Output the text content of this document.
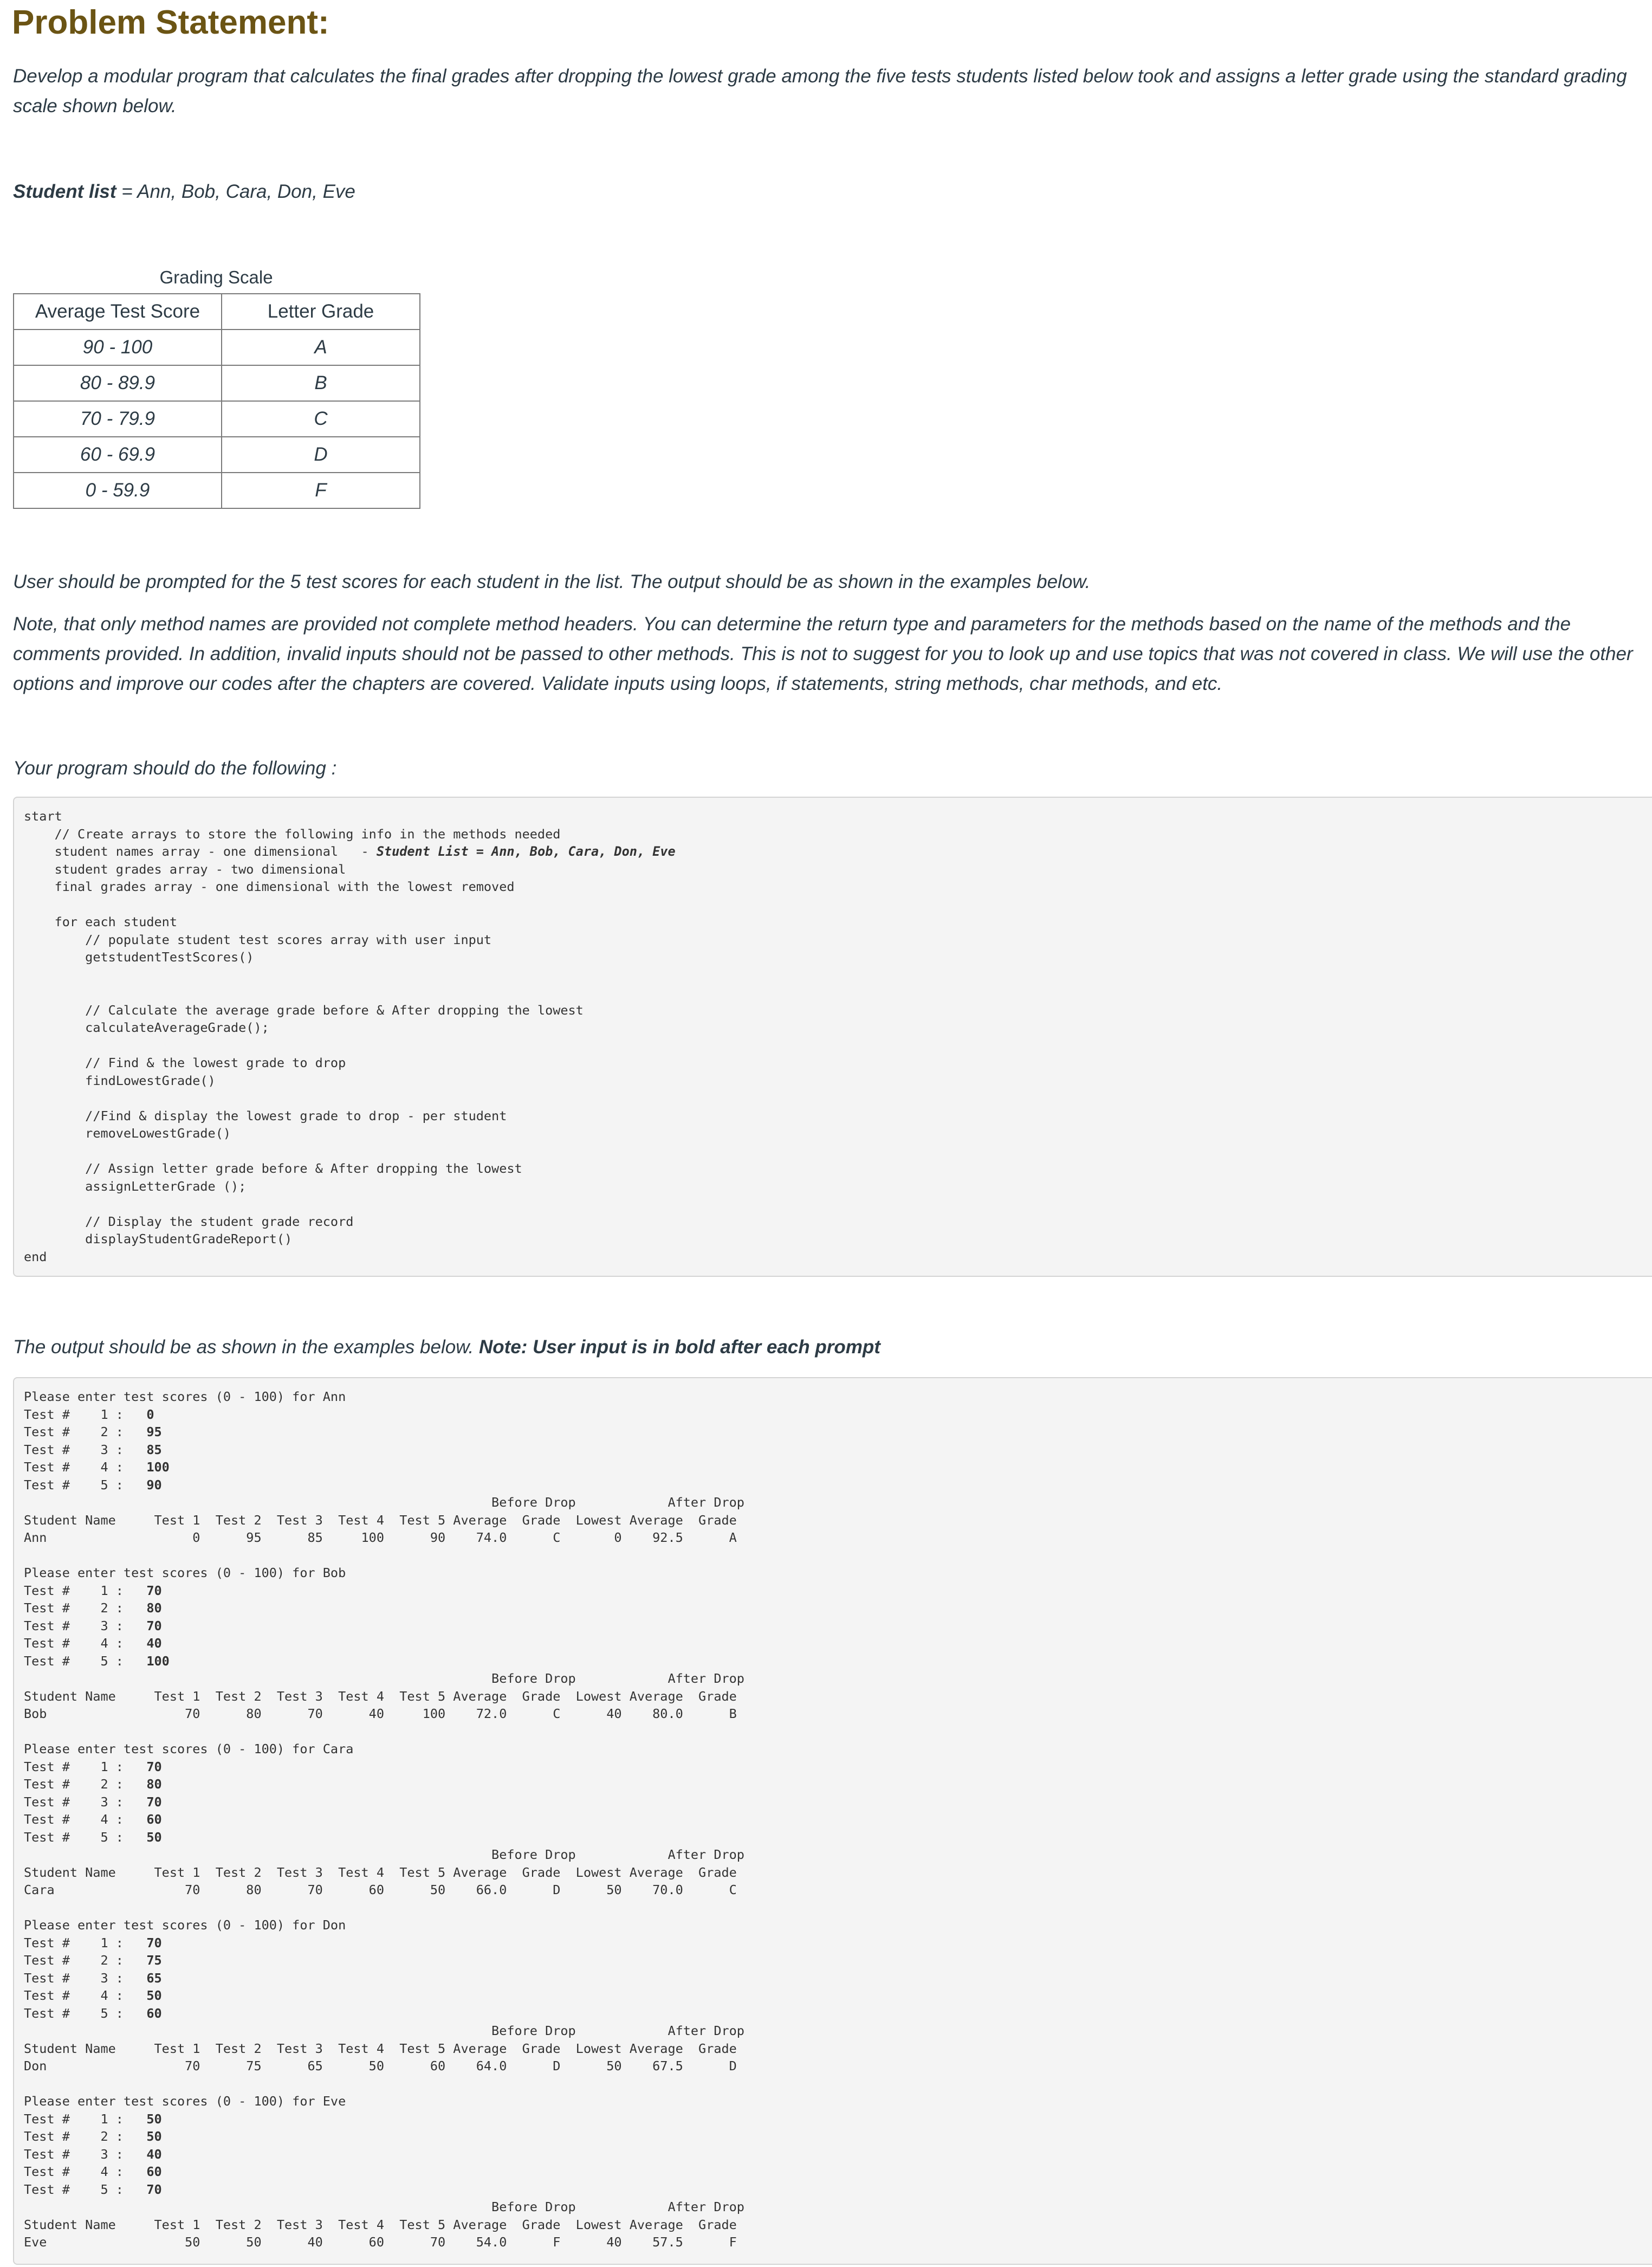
Problem Statement:

Develop a modular program that calculates the final grades after dropping the lowest grade among the five tests students listed below took and assigns a letter grade using the standard grading scale shown below.

Student list = Ann, Bob, Cara, Don, Eve

Grading Scale
Average Test Score	Letter Grade
90 - 100	A
80 - 89.9	B
70 - 79.9	C
60 - 69.9	D
0 - 59.9	F

User should be prompted for the 5 test scores for each student in the list. The output should be as shown in the examples below.

Note, that only method names are provided not complete method headers. You can determine the return type and parameters for the methods based on the name of the methods and the comments provided. In addition, invalid inputs should not be passed to other methods. This is not to suggest for you to look up and use topics that was not covered in class. We will use the other options and improve our codes after the chapters are covered. Validate inputs using loops, if statements, string methods, char methods, and etc.

Your program should do the following :

start
// Create arrays to store the following info in the methods needed
student names array - one dimensional   - Student List = Ann, Bob, Cara, Don, Eve
student grades array - two dimensional
final grades array - one dimensional with the lowest removed
for each student
// populate student test scores array with user input
getstudentTestScores()
// Calculate the average grade before & After dropping the lowest
calculateAverageGrade();
// Find & the lowest grade to drop
findLowestGrade()
//Find & display the lowest grade to drop - per student
removeLowestGrade()
// Assign letter grade before & After dropping the lowest
assignLetterGrade ();
// Display the student grade record
displayStudentGradeReport()
end

The output should be as shown in the examples below. Note: User input is in bold after each prompt

Please enter test scores (0 - 100) for Ann
Test #    1 :   0
Test #    2 :   95
Test #    3 :   85
Test #    4 :   100
Test #    5 :   90
Before Drop            After Drop
Student Name     Test 1  Test 2  Test 3  Test 4  Test 5 Average  Grade  Lowest Average  Grade
Ann                   0      95      85     100      90    74.0      C       0    92.5      A
Please enter test scores (0 - 100) for Bob
Test #    1 :   70
Test #    2 :   80
Test #    3 :   70
Test #    4 :   40
Test #    5 :   100
Before Drop            After Drop
Student Name     Test 1  Test 2  Test 3  Test 4  Test 5 Average  Grade  Lowest Average  Grade
Bob                  70      80      70      40     100    72.0      C      40    80.0      B
Please enter test scores (0 - 100) for Cara
Test #    1 :   70
Test #    2 :   80
Test #    3 :   70
Test #    4 :   60
Test #    5 :   50
Before Drop            After Drop
Student Name     Test 1  Test 2  Test 3  Test 4  Test 5 Average  Grade  Lowest Average  Grade
Cara                 70      80      70      60      50    66.0      D      50    70.0      C
Please enter test scores (0 - 100) for Don
Test #    1 :   70
Test #    2 :   75
Test #    3 :   65
Test #    4 :   50
Test #    5 :   60
Before Drop            After Drop
Student Name     Test 1  Test 2  Test 3  Test 4  Test 5 Average  Grade  Lowest Average  Grade
Don                  70      75      65      50      60    64.0      D      50    67.5      D
Please enter test scores (0 - 100) for Eve
Test #    1 :   50
Test #    2 :   50
Test #    3 :   40
Test #    4 :   60
Test #    5 :   70
Before Drop            After Drop
Student Name     Test 1  Test 2  Test 3  Test 4  Test 5 Average  Grade  Lowest Average  Grade
Eve                  50      50      40      60      70    54.0      F      40    57.5      F
